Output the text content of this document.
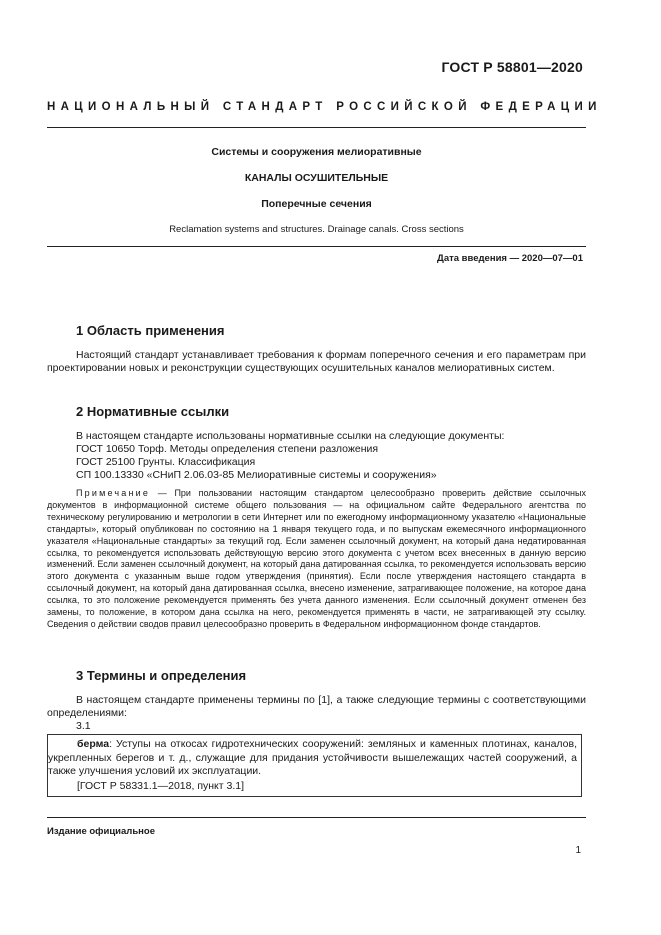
ГОСТ Р 58801—2020
НАЦИОНАЛЬНЫЙ СТАНДАРТ РОССИЙСКОЙ ФЕДЕРАЦИИ
Системы и сооружения мелиоративные
КАНАЛЫ ОСУШИТЕЛЬНЫЕ
Поперечные сечения
Reclamation systems and structures. Drainage canals. Cross sections
Дата введения — 2020—07—01
1 Область применения

Настоящий стандарт устанавливает требования к формам поперечного сечения и его параметрам при проектировании новых и реконструкции существующих осушительных каналов мелиоративных систем.

2 Нормативные ссылки

В настоящем стандарте использованы нормативные ссылки на следующие документы:

ГОСТ 10650 Торф. Методы определения степени разложения

ГОСТ 25100 Грунты. Классификация

СП 100.13330 «СНиП 2.06.03-85 Мелиоративные системы и сооружения»

Примечание — При пользовании настоящим стандартом целесообразно проверить действие ссылочных документов в информационной системе общего пользования — на официальном сайте Федерального агентства по техническому регулированию и метрологии в сети Интернет или по ежегодному информационному указателю «Национальные стандарты», который опубликован по состоянию на 1 января текущего года, и по выпускам ежемесячного информационного указателя «Национальные стандарты» за текущий год. Если заменен ссылочный документ, на который дана недатированная ссылка, то рекомендуется использовать действующую версию этого документа с учетом всех внесенных в данную версию изменений. Если заменен ссылочный документ, на который дана датированная ссылка, то рекомендуется использовать версию этого документа с указанным выше годом утверждения (принятия). Если после утверждения настоящего стандарта в ссылочный документ, на который дана датированная ссылка, внесено изменение, затрагивающее положение, на которое дана ссылка, то это положение рекомендуется применять без учета данного изменения. Если ссылочный документ отменен без замены, то положение, в котором дана ссылка на него, рекомендуется применять в части, не затрагивающей эту ссылку. Сведения о действии сводов правил целесообразно проверить в Федеральном информационном фонде стандартов.

3 Термины и определения

В настоящем стандарте применены термины по [1], а также следующие термины с соответствующими определениями:

3.1

берма: Уступы на откосах гидротехнических сооружений: земляных и каменных плотинах, каналов, укрепленных берегов и т. д., служащие для придания устойчивости вышележащих частей сооружений, а также улучшения условий их эксплуатации.

[ГОСТ Р 58331.1—2018, пункт 3.1]

Издание официальное
1
